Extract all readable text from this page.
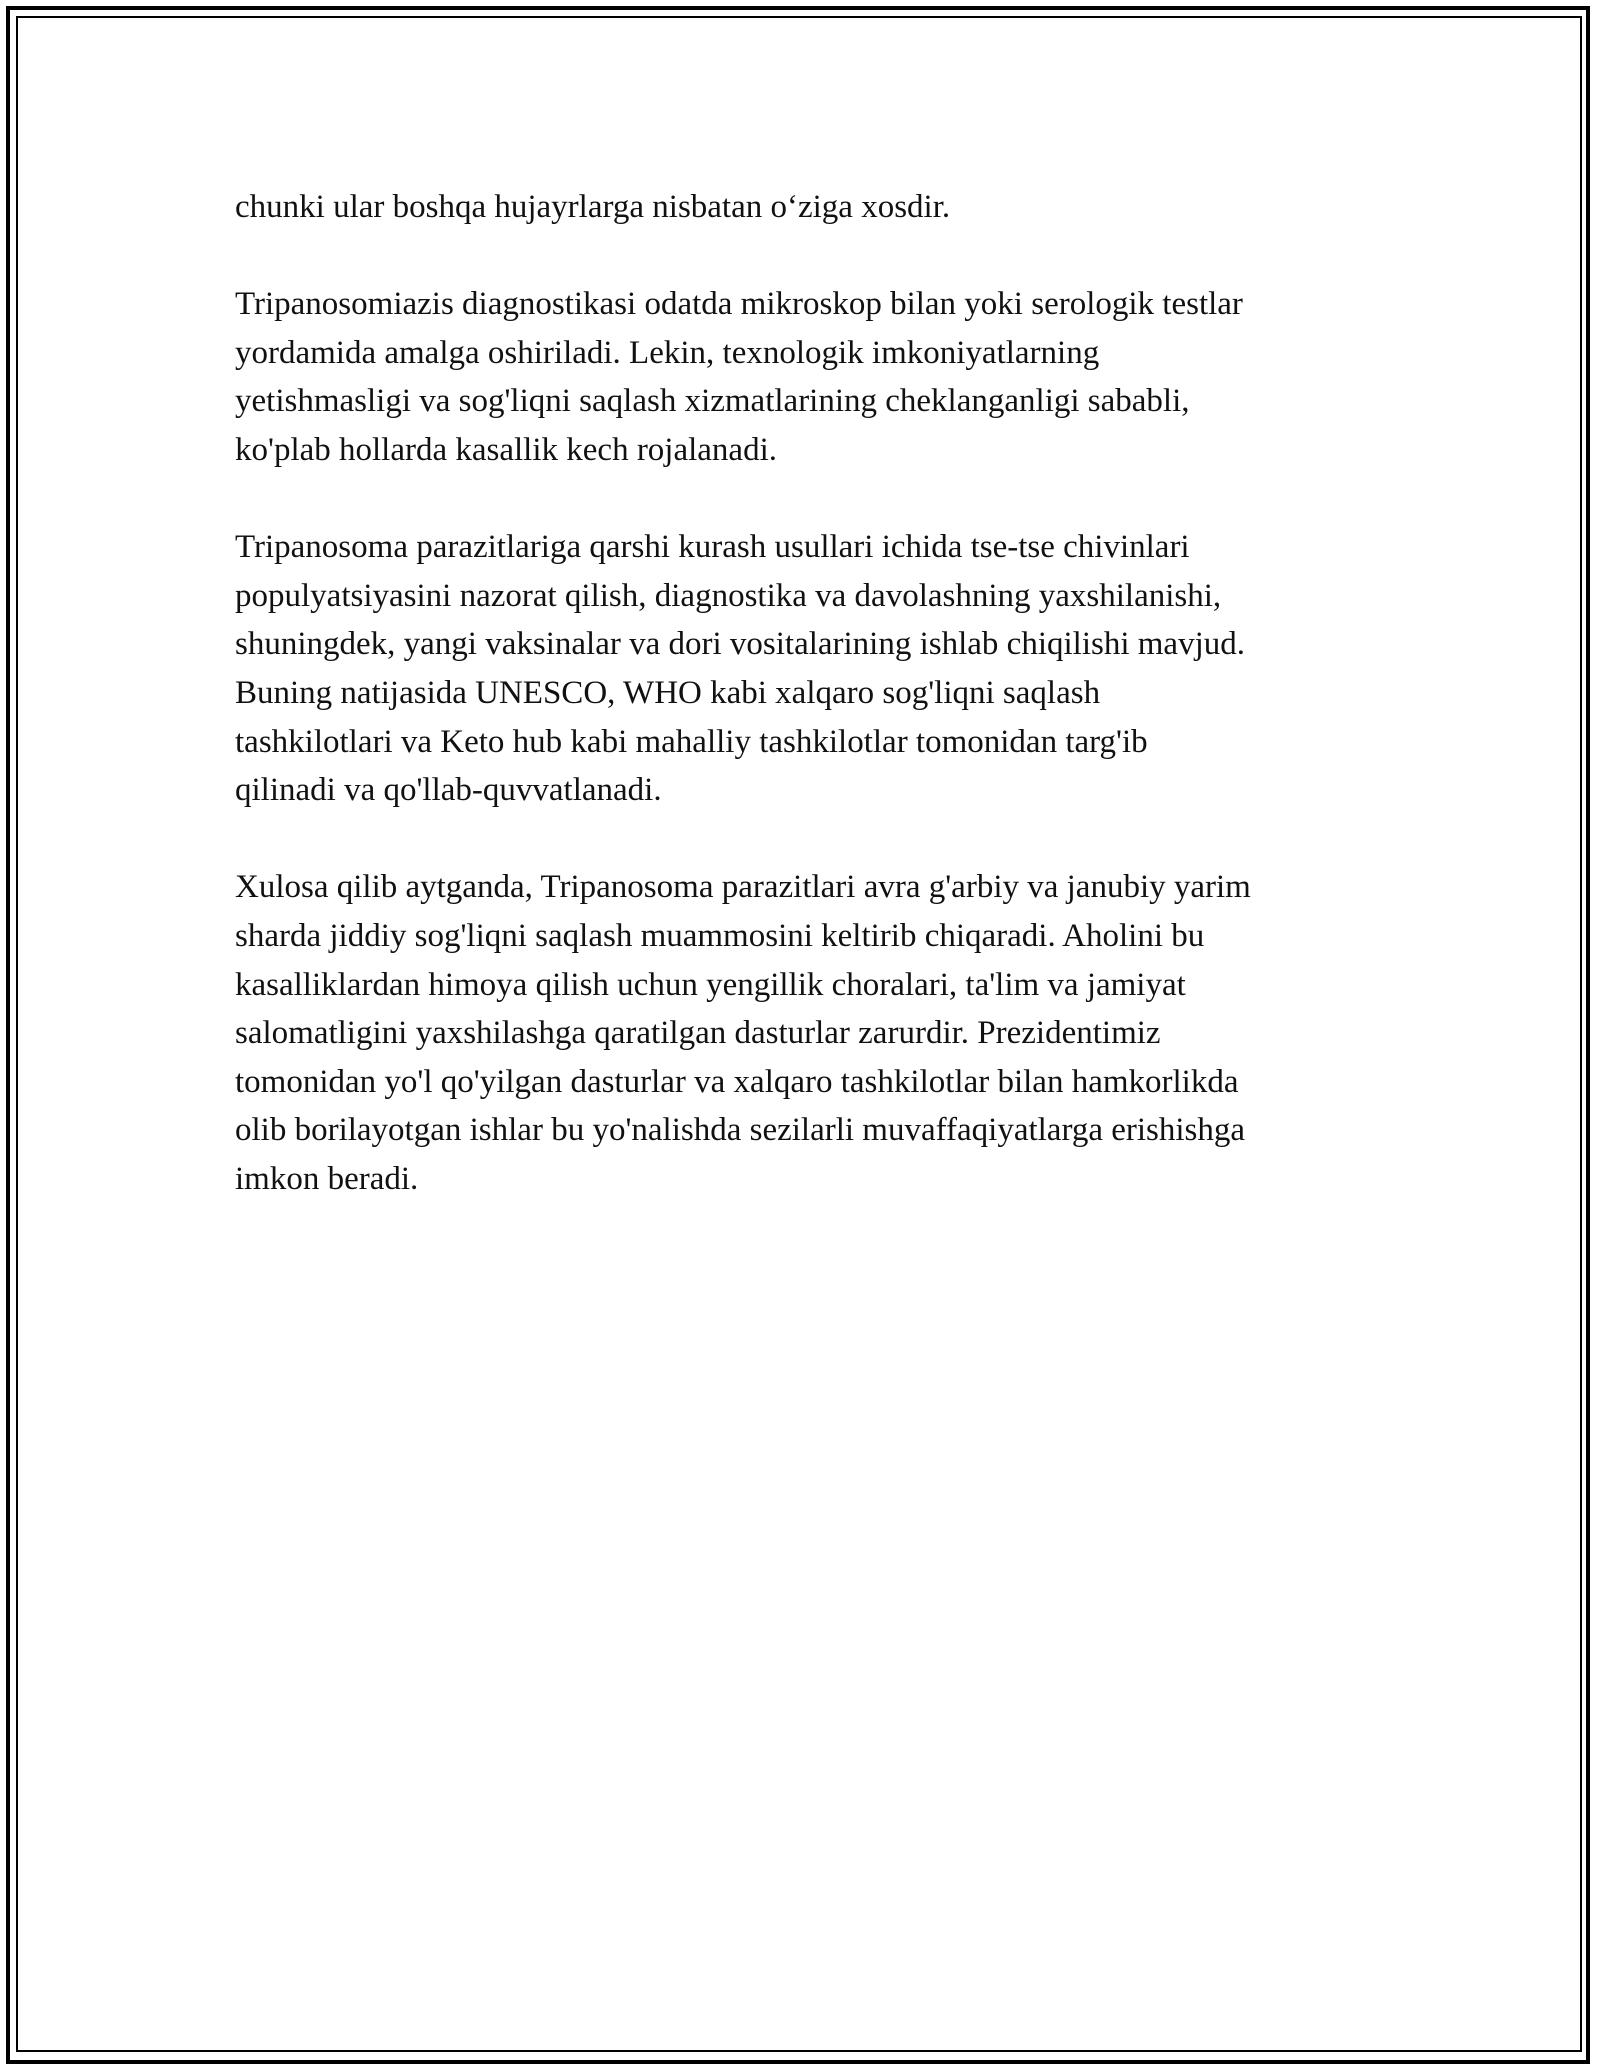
chunki ular boshqa hujayrlarga nisbatan o‘ziga xosdir.

Tripanosomiazis diagnostikasi odatda mikroskop bilan yoki serologik testlar
yordamida amalga oshiriladi. Lekin, texnologik imkoniyatlarning
yetishmasligi va sog'liqni saqlash xizmatlarining cheklanganligi sababli,
ko'plab hollarda kasallik kech rojalanadi.

Tripanosoma parazitlariga qarshi kurash usullari ichida tse-tse chivinlari
populyatsiyasini nazorat qilish, diagnostika va davolashning yaxshilanishi,
shuningdek, yangi vaksinalar va dori vositalarining ishlab chiqilishi mavjud.
Buning natijasida UNESCO, WHO kabi xalqaro sog'liqni saqlash
tashkilotlari va Keto hub kabi mahalliy tashkilotlar tomonidan targ'ib
qilinadi va qo'llab-quvvatlanadi.

Xulosa qilib aytganda, Tripanosoma parazitlari avra g'arbiy va janubiy yarim
sharda jiddiy sog'liqni saqlash muammosini keltirib chiqaradi. Aholini bu
kasalliklardan himoya qilish uchun yengillik choralari, ta'lim va jamiyat
salomatligini yaxshilashga qaratilgan dasturlar zarurdir. Prezidentimiz
tomonidan yo'l qo'yilgan dasturlar va xalqaro tashkilotlar bilan hamkorlikda
olib borilayotgan ishlar bu yo'nalishda sezilarli muvaffaqiyatlarga erishishga
imkon beradi.
